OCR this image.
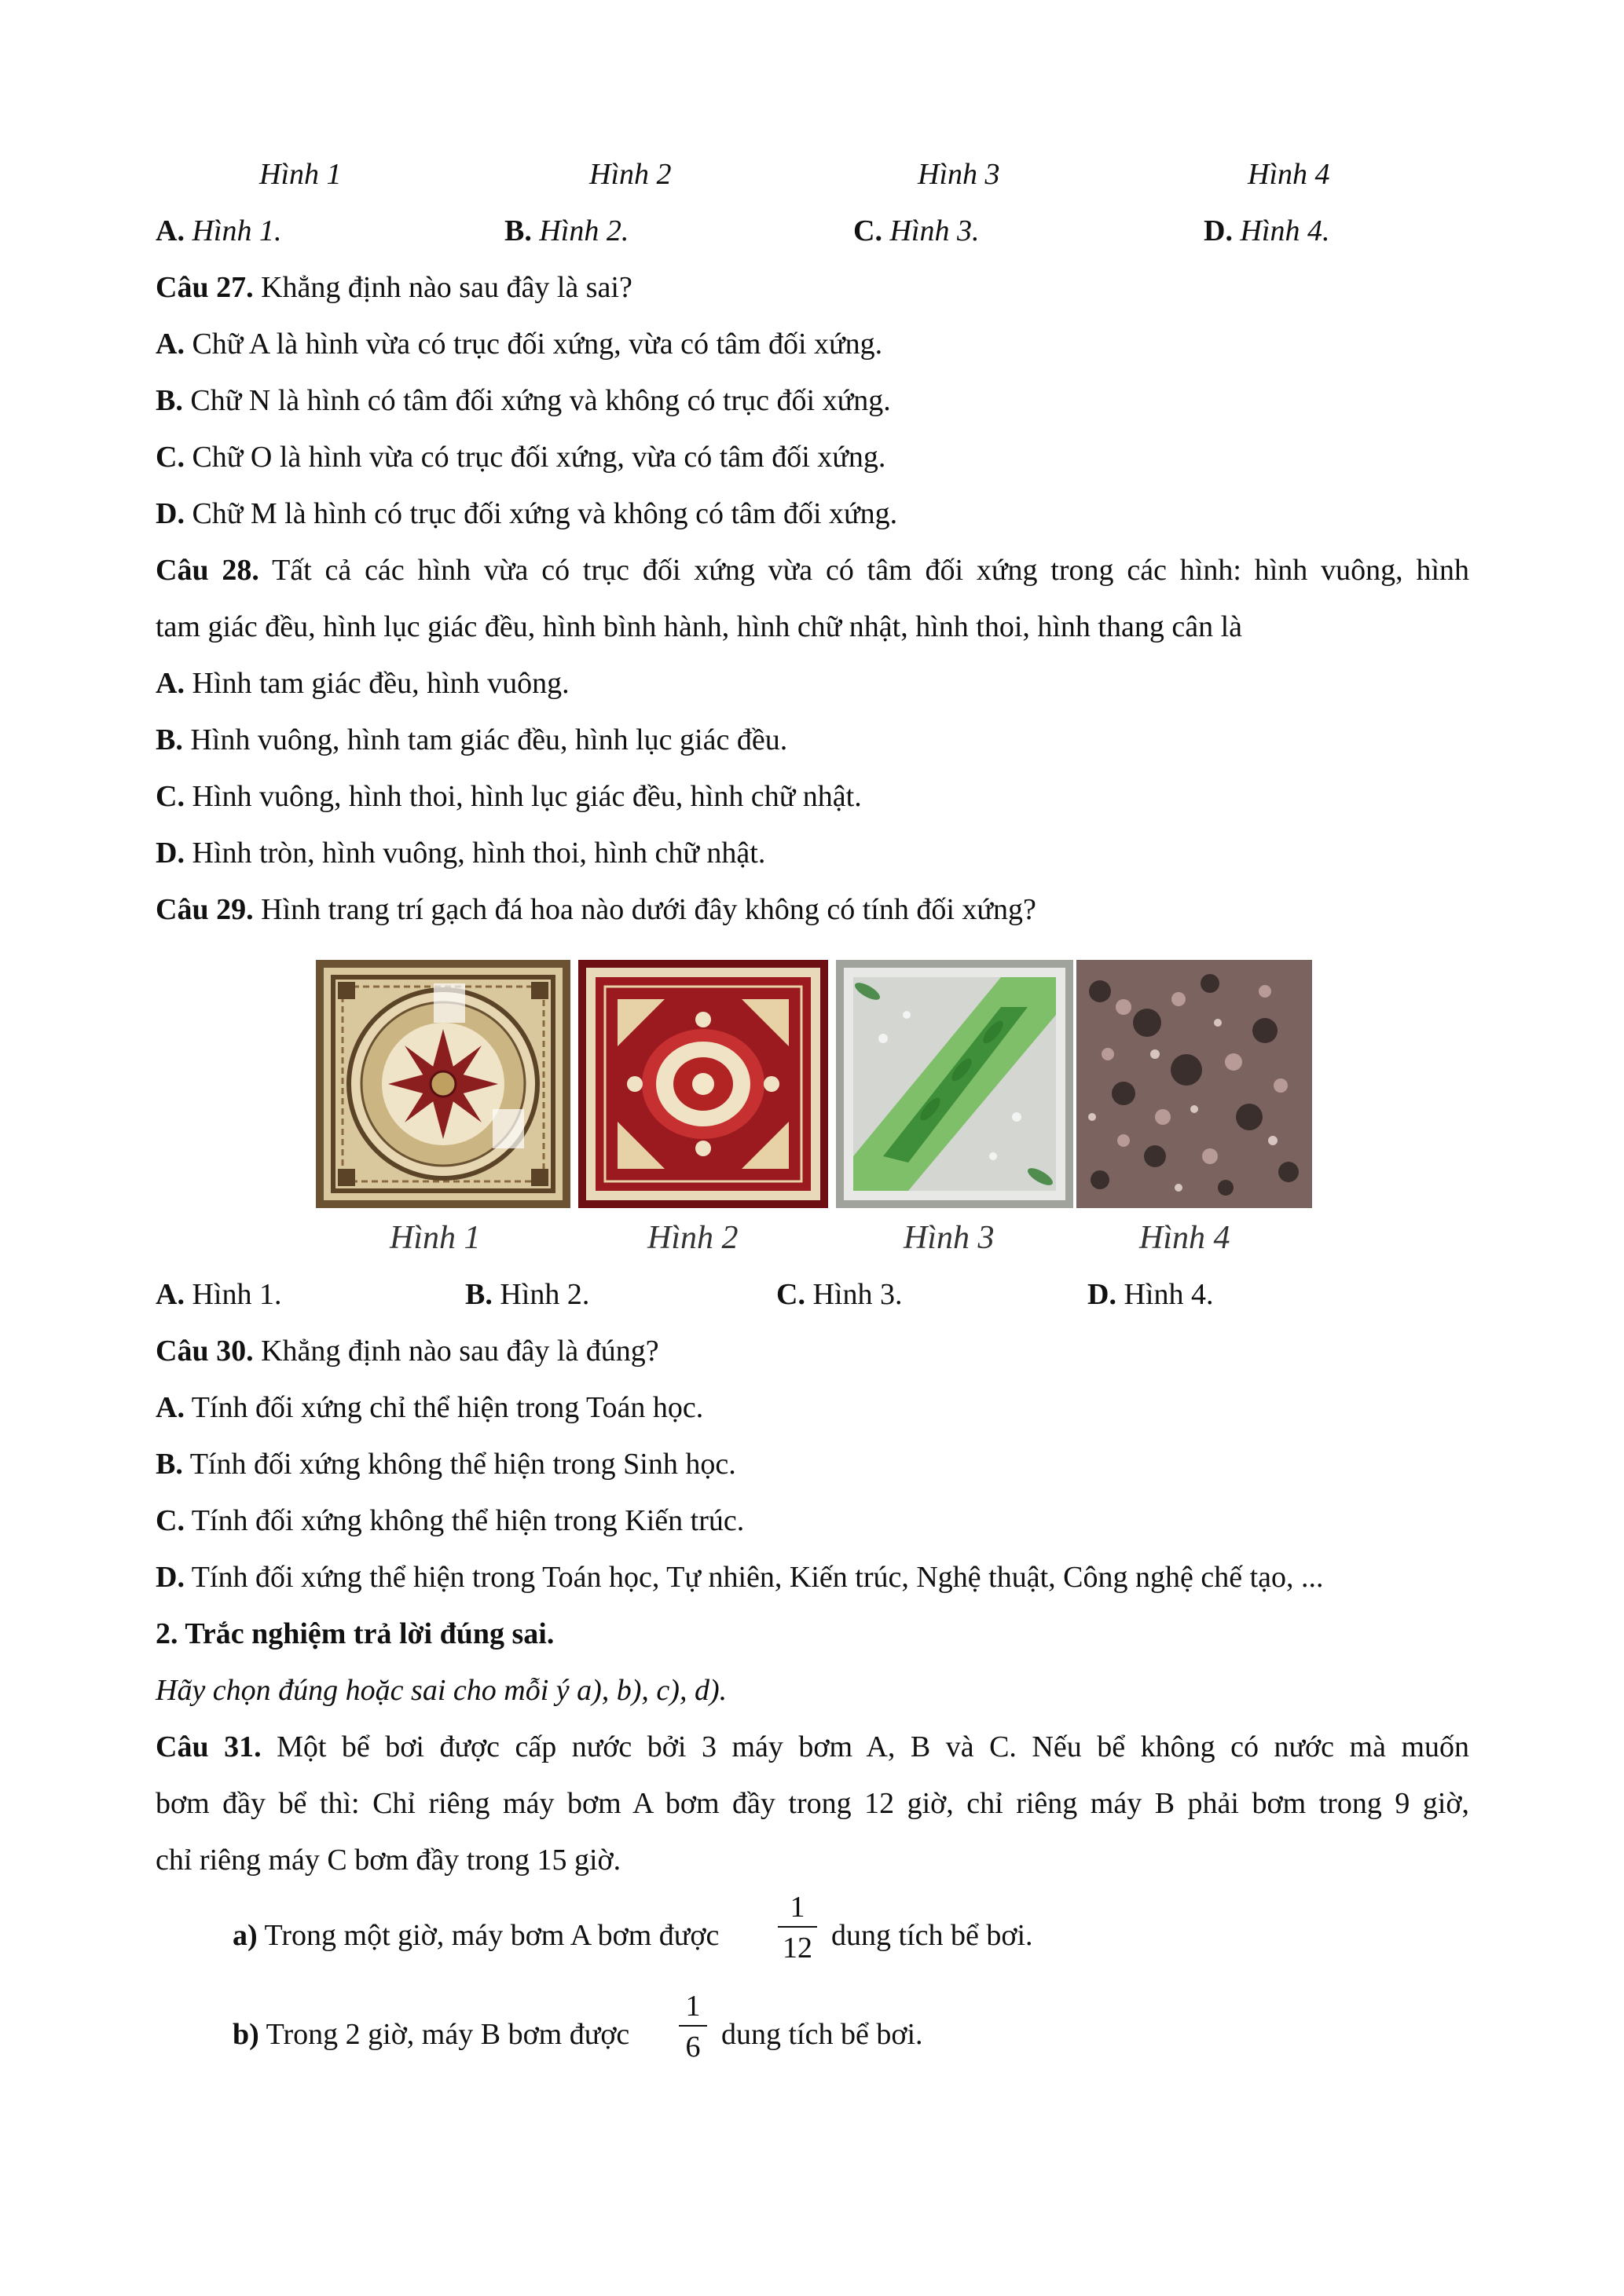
Hình 1	Hình 2	Hình 3	Hình 4
A. Hình 1.	B. Hình 2.	C. Hình 3.	D. Hình 4.
Câu 27. Khẳng định nào sau đây là sai?
A. Chữ A là hình vừa có trục đối xứng, vừa có tâm đối xứng.
B. Chữ N là hình có tâm đối xứng và không có trục đối xứng.
C. Chữ O là hình vừa có trục đối xứng, vừa có tâm đối xứng.
D. Chữ M là hình có trục đối xứng và không có tâm đối xứng.
Câu 28. Tất cả các hình vừa có trục đối xứng vừa có tâm đối xứng trong các hình: hình vuông, hình
tam giác đều, hình lục giác đều, hình bình hành, hình chữ nhật, hình thoi, hình thang cân là
A. Hình tam giác đều, hình vuông.
B. Hình vuông, hình tam giác đều, hình lục giác đều.
C. Hình vuông, hình thoi, hình lục giác đều, hình chữ nhật.
D. Hình tròn, hình vuông, hình thoi, hình chữ nhật.
Câu 29. Hình trang trí gạch đá hoa nào dưới đây không có tính đối xứng?
Hình 1	Hình 2	Hình 3	Hình 4
A. Hình 1.	B. Hình 2.	C. Hình 3.	D. Hình 4.
Câu 30. Khẳng định nào sau đây là đúng?
A. Tính đối xứng chỉ thể hiện trong Toán học.
B. Tính đối xứng không thể hiện trong Sinh học.
C. Tính đối xứng không thể hiện trong Kiến trúc.
D. Tính đối xứng thể hiện trong Toán học, Tự nhiên, Kiến trúc, Nghệ thuật, Công nghệ chế tạo, ...
2. Trắc nghiệm trả lời đúng sai.
Hãy chọn đúng hoặc sai cho mỗi ý a), b), c), d).
Câu 31. Một bể bơi được cấp nước bởi 3 máy bơm A, B và C. Nếu bể không có nước mà muốn
bơm đầy bể thì: Chỉ riêng máy bơm A bơm đầy trong 12 giờ, chỉ riêng máy B phải bơm trong 9 giờ,
chỉ riêng máy C bơm đầy trong 15 giờ.
a) Trong một giờ, máy bơm A bơm được
1
12 dung tích bể bơi.
b) Trong 2 giờ, máy B bơm được
1
6 dung tích bể bơi.
